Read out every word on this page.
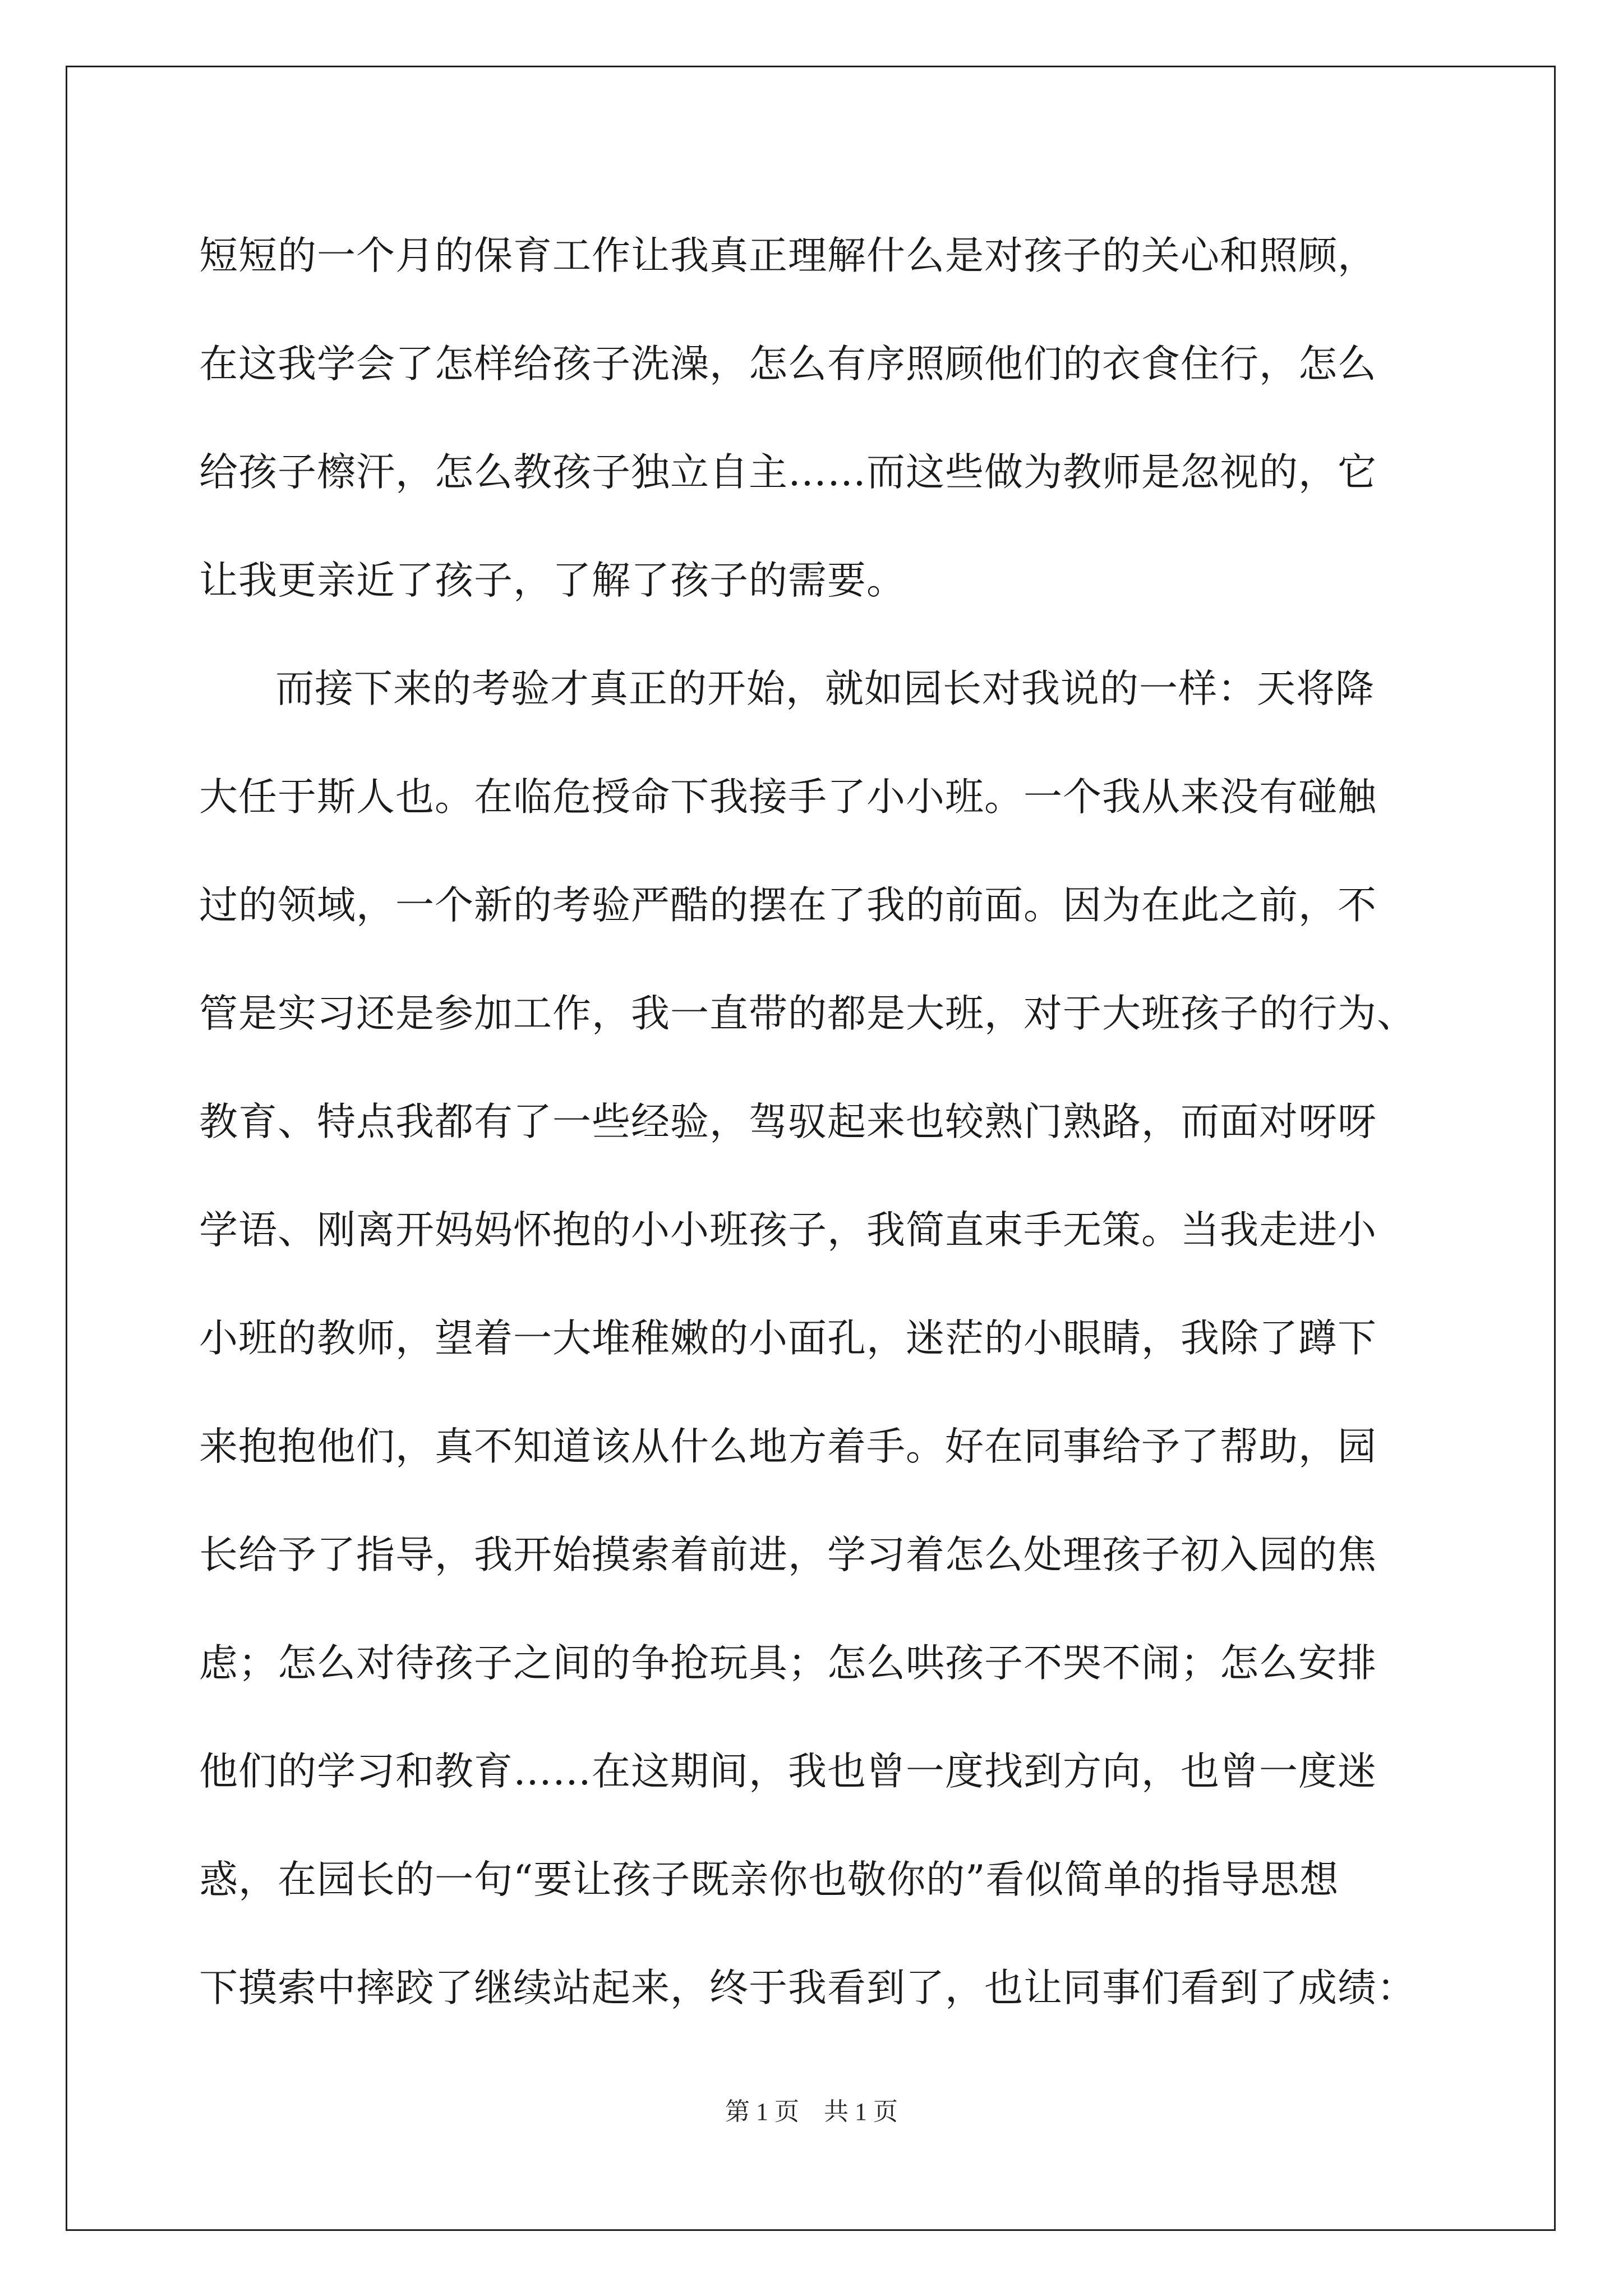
短短的一个月的保育工作让我真正理解什么是对孩子的关心和照顾，
在这我学会了怎样给孩子洗澡，怎么有序照顾他们的衣食住行，怎么
给孩子檫汗，怎么教孩子独立自主……而这些做为教师是忽视的，它
让我更亲近了孩子，了解了孩子的需要。
而接下来的考验才真正的开始，就如园长对我说的一样：天将降
大任于斯人也。在临危授命下我接手了小小班。一个我从来没有碰触
过的领域，一个新的考验严酷的摆在了我的前面。因为在此之前，不
管是实习还是参加工作，我一直带的都是大班，对于大班孩子的行为、
教育、特点我都有了一些经验，驾驭起来也较熟门熟路，而面对呀呀
学语、刚离开妈妈怀抱的小小班孩子，我简直束手无策。当我走进小
小班的教师，望着一大堆稚嫩的小面孔，迷茫的小眼睛，我除了蹲下
来抱抱他们，真不知道该从什么地方着手。好在同事给予了帮助，园
长给予了指导，我开始摸索着前进，学习着怎么处理孩子初入园的焦
虑；怎么对待孩子之间的争抢玩具；怎么哄孩子不哭不闹；怎么安排
他们的学习和教育……在这期间，我也曾一度找到方向，也曾一度迷
惑，在园长的一句“要让孩子既亲你也敬你的”看似简单的指导思想
下摸索中摔跤了继续站起来，终于我看到了，也让同事们看到了成绩：
第 1 页　共 1 页
